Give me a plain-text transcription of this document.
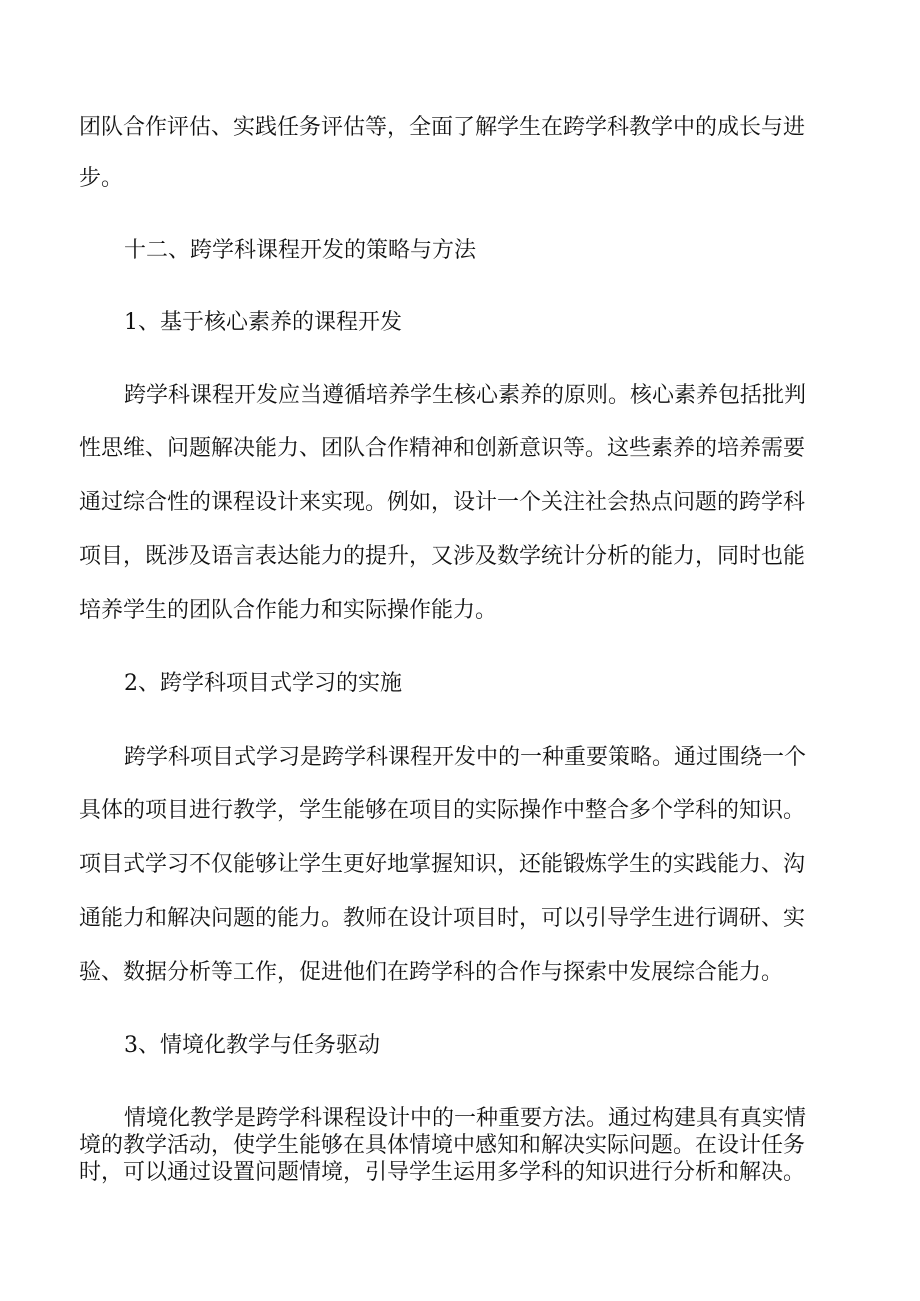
团队合作评估、实践任务评估等，全面了解学生在跨学科教学中的成长与进
步。
十二、跨学科课程开发的策略与方法
1、基于核心素养的课程开发
跨学科课程开发应当遵循培养学生核心素养的原则。核心素养包括批判
性思维、问题解决能力、团队合作精神和创新意识等。这些素养的培养需要
通过综合性的课程设计来实现。例如，设计一个关注社会热点问题的跨学科
项目，既涉及语言表达能力的提升，又涉及数学统计分析的能力，同时也能
培养学生的团队合作能力和实际操作能力。
2、跨学科项目式学习的实施
跨学科项目式学习是跨学科课程开发中的一种重要策略。通过围绕一个
具体的项目进行教学，学生能够在项目的实际操作中整合多个学科的知识。
项目式学习不仅能够让学生更好地掌握知识，还能锻炼学生的实践能力、沟
通能力和解决问题的能力。教师在设计项目时，可以引导学生进行调研、实
验、数据分析等工作，促进他们在跨学科的合作与探索中发展综合能力。
3、情境化教学与任务驱动
情境化教学是跨学科课程设计中的一种重要方法。通过构建具有真实情
境的教学活动，使学生能够在具体情境中感知和解决实际问题。在设计任务
时，可以通过设置问题情境，引导学生运用多学科的知识进行分析和解决。
